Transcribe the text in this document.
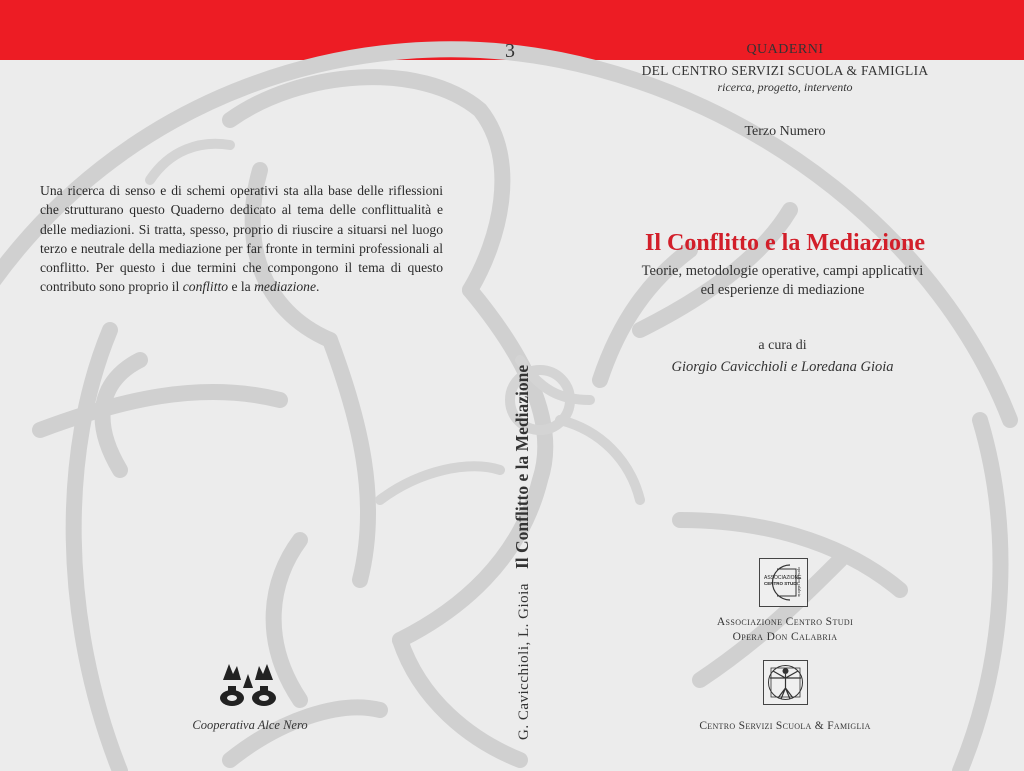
Una ricerca di senso e di schemi operativi sta alla base delle riflessioni che strutturano questo Quaderno dedicato al tema delle conflittualità e delle mediazioni. Si tratta, spesso, proprio di riuscire a situarsi nel luogo terzo e neutrale della mediazione per far fronte in termini professionali al conflitto. Per questo i due termini che compongono il tema di questo contributo sono proprio il conflitto e la mediazione.
Cooperativa Alce Nero	G. Cavicchioli, L. GioiaIl Conflitto e la Mediazione
3	QUADERNI
DEL CENTRO SERVIZI SCUOLA & FAMIGLIA
ricerca, progetto, intervento
Terzo Numero
Il Conflitto e la Mediazione
Teorie, metodologie operative, campi applicativi
ed esperienze di mediazione
a cura di
Giorgio Cavicchioli e Loredana Gioia
ASSOCIAZIONE
CENTRO STUDI opera don calabria
Associazione Centro Studi
Opera Don Calabria
Centro Servizi Scuola & Famiglia
